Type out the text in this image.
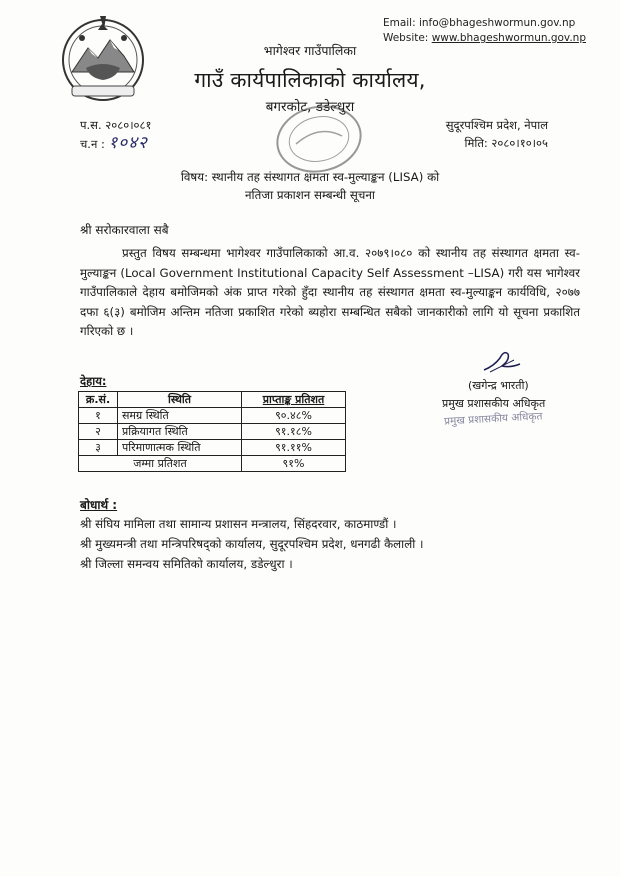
Email: info@bhageshwormun.gov.np
Website: www.bhageshwormun.gov.np
भागेश्वर गाउँपालिका
गाउँ कार्यपालिकाको कार्यालय,
बगरकोट, डडेल्धुरा
प.स. २०८०।०८१
च.न : १०४२
सुदूरपश्चिम प्रदेश, नेपाल
मिति: २०८०।१०।०५
विषय: स्थानीय तह संस्थागत क्षमता स्व-मुल्याङ्कन (LISA) को
नतिजा प्रकाशन सम्बन्धी सूचना
श्री सरोकारवाला सबै
प्रस्तुत विषय सम्बन्धमा भागेश्वर गाउँपालिकाको आ.व. २०७९।०८० को स्थानीय तह संस्थागत क्षमता स्व-मुल्याङ्कन (Local Government Institutional Capacity Self Assessment –LISA) गरी यस भागेश्वर गाउँपालिकाले देहाय बमोजिमको अंक प्राप्त गरेको हुँदा स्थानीय तह संस्थागत क्षमता स्व-मुल्याङ्कन कार्यविधि, २०७७ दफा ६(३) बमोजिम अन्तिम नतिजा प्रकाशित गरेको ब्यहोरा सम्बन्धित सबैको जानकारीको लागि यो सूचना प्रकाशित गरिएको छ ।
(खगेन्द्र भारती)
प्रमुख प्रशासकीय अधिकृत
प्रमुख प्रशासकीय अधिकृत
देहाय:
क्र.सं.	स्थिति	प्राप्ताङ्क प्रतिशत
१	समग्र स्थिति	९०.४८%
२	प्रक्रियागत स्थिति	९१.१८%
३	परिमाणात्मक स्थिति	९१.११%
जम्मा प्रतिशत		९१%
बोधार्थ :
श्री संघिय मामिला तथा सामान्य प्रशासन मन्त्रालय, सिंहदरवार, काठमाण्डौं ।
श्री मुख्यमन्त्री तथा मन्त्रिपरिषद्को कार्यालय, सुदूरपश्चिम प्रदेश, धनगढी कैलाली ।
श्री जिल्ला समन्वय समितिको कार्यालय, डडेल्धुरा ।
